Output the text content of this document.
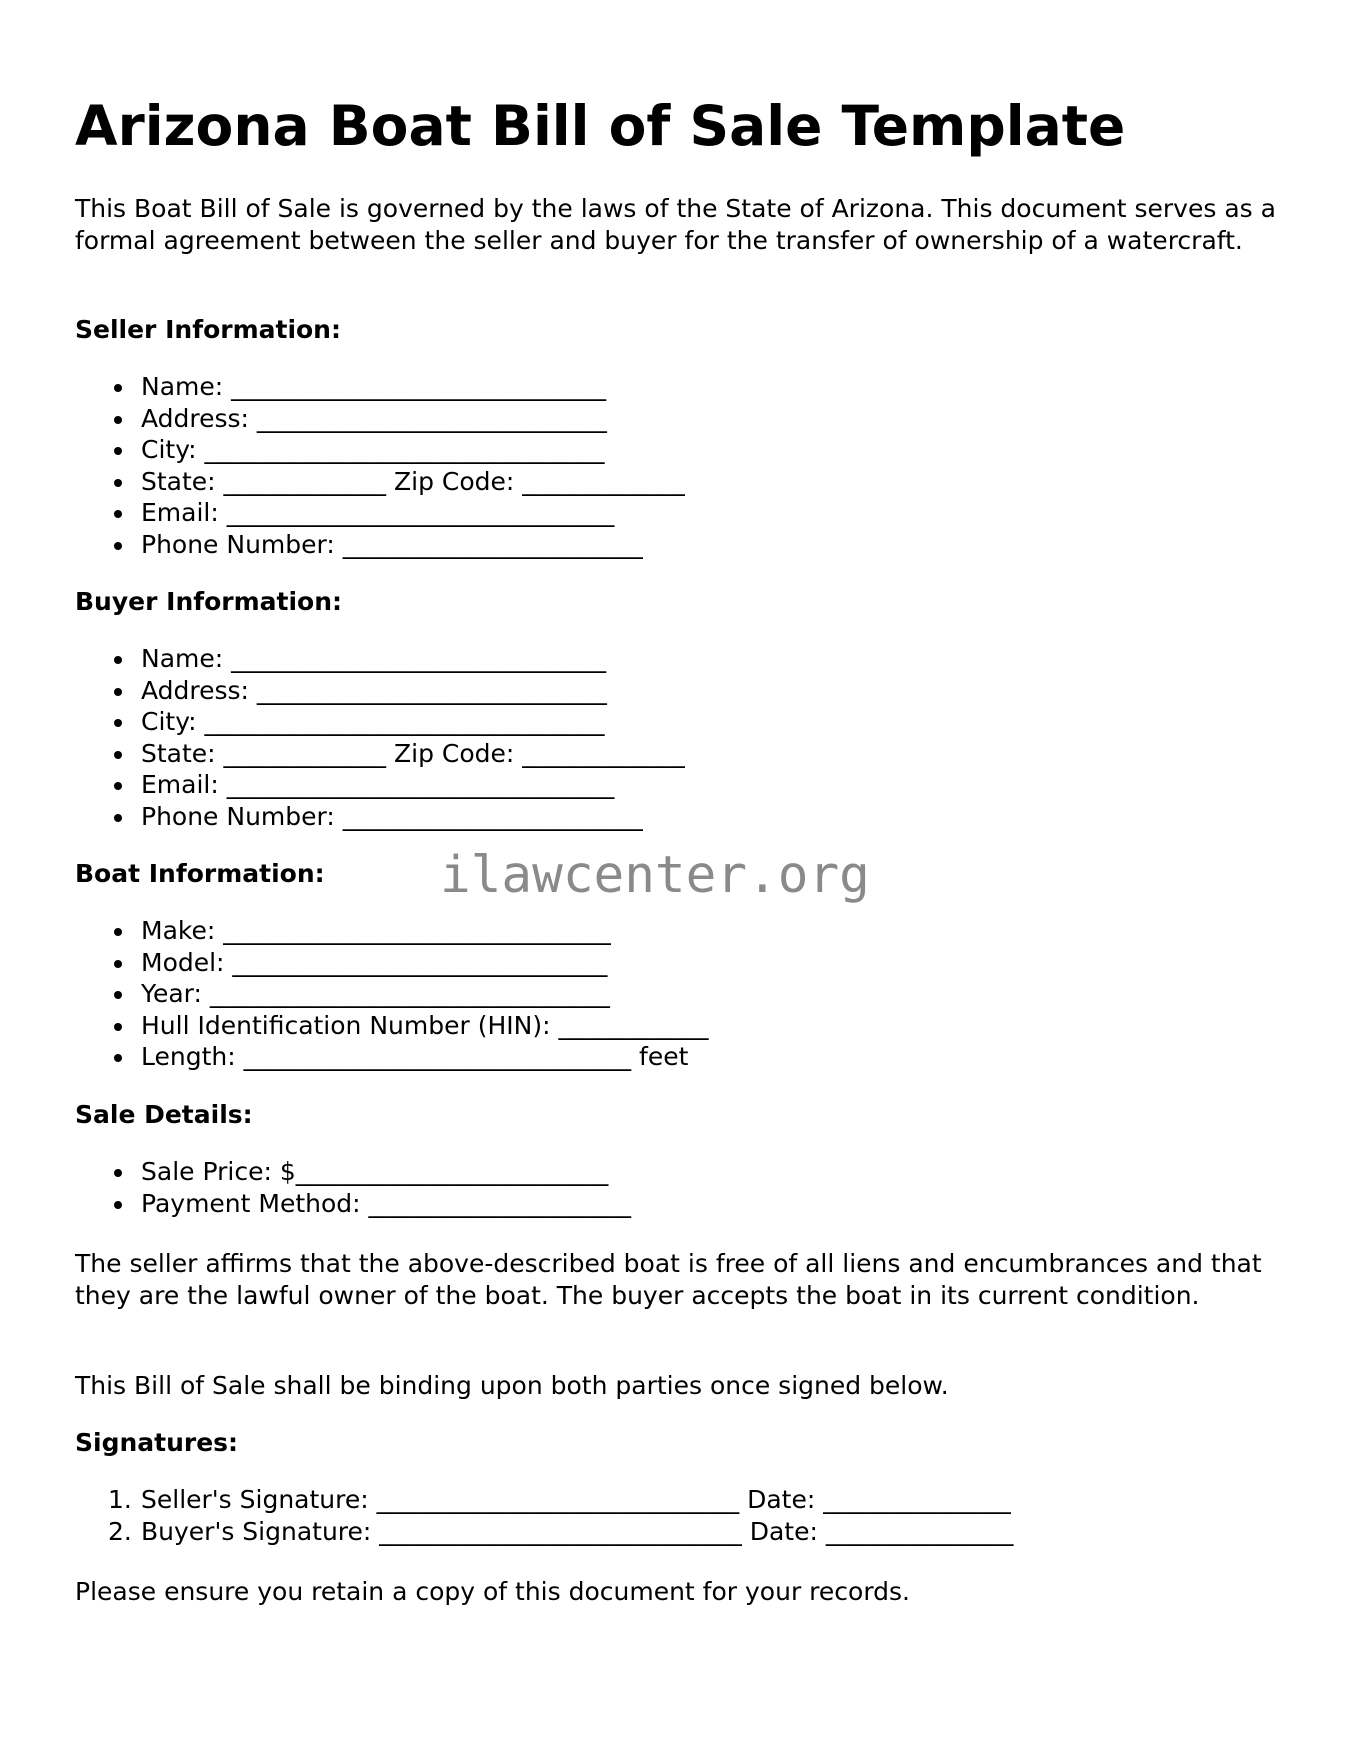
Arizona Boat Bill of Sale Template

This Boat Bill of Sale is governed by the laws of the State of Arizona. This document serves as a formal agreement between the seller and buyer for the transfer of ownership of a watercraft.

Seller Information:
Name: ______________________________
Address: ____________________________
City: ________________________________
State: _____________ Zip Code: _____________
Email: _______________________________
Phone Number: ________________________
Buyer Information:
Name: ______________________________
Address: ____________________________
City: ________________________________
State: _____________ Zip Code: _____________
Email: _______________________________
Phone Number: ________________________
Boat Information:
Make: _______________________________
Model: ______________________________
Year: ________________________________
Hull Identification Number (HIN): ____________
Length: _______________________________ feet
Sale Details:
Sale Price: $_________________________
Payment Method: _____________________

The seller affirms that the above-described boat is free of all liens and encumbrances and that they are the lawful owner of the boat. The buyer accepts the boat in its current condition.

This Bill of Sale shall be binding upon both parties once signed below.

Signatures:
1. Seller's Signature: _____________________________ Date: _______________
2. Buyer's Signature: _____________________________ Date: _______________

Please ensure you retain a copy of this document for your records.

ilawcenter.org
